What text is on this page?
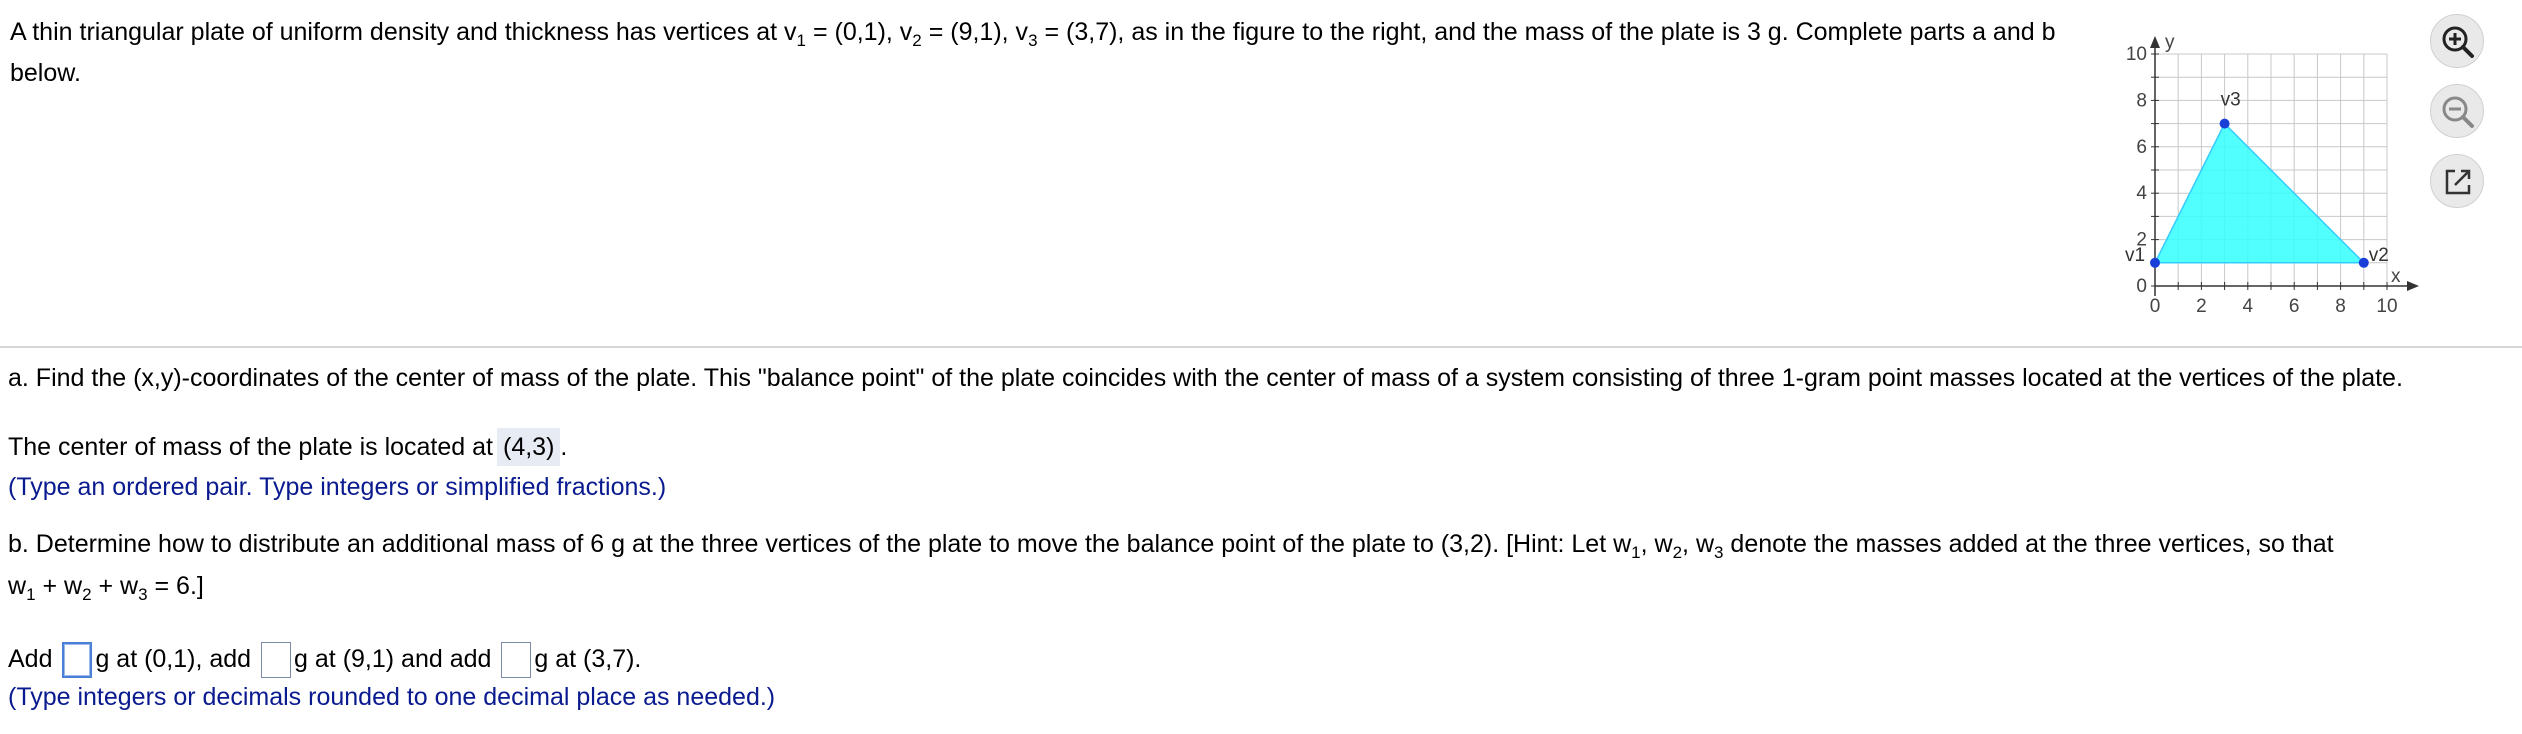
A thin triangular plate of uniform density and thickness has vertices at $v_1 = (0,1)$, $v_2 = (9,1)$, $v_3 = (3,7)$, as in the figure to the right, and the mass of the plate is 3 g. Complete parts a and b below.
0 2 4 6 8 10
0
2
4
6
8
10
y
x
v1	v2
v3
a. Find the (x,y)-coordinates of the center of mass of the plate. This "balance point" of the plate coincides with the center of mass of a system consisting of three 1-gram point masses located at the vertices of the plate.
The center of mass of the plate is located at (4,3) .
(Type an ordered pair. Type integers or simplified fractions.)
b. Determine how to distribute an additional mass of 6 g at the three vertices of the plate to move the balance point of the plate to (3,2). [Hint: Let $w_1$, $w_2$, $w_3$ denote the masses added at the three vertices, so that
$w_1 + w_2 + w_3 = 6$.]
Add g at (0,1), add g at (9,1) and add g at (3,7).
(Type integers or decimals rounded to one decimal place as needed.)
